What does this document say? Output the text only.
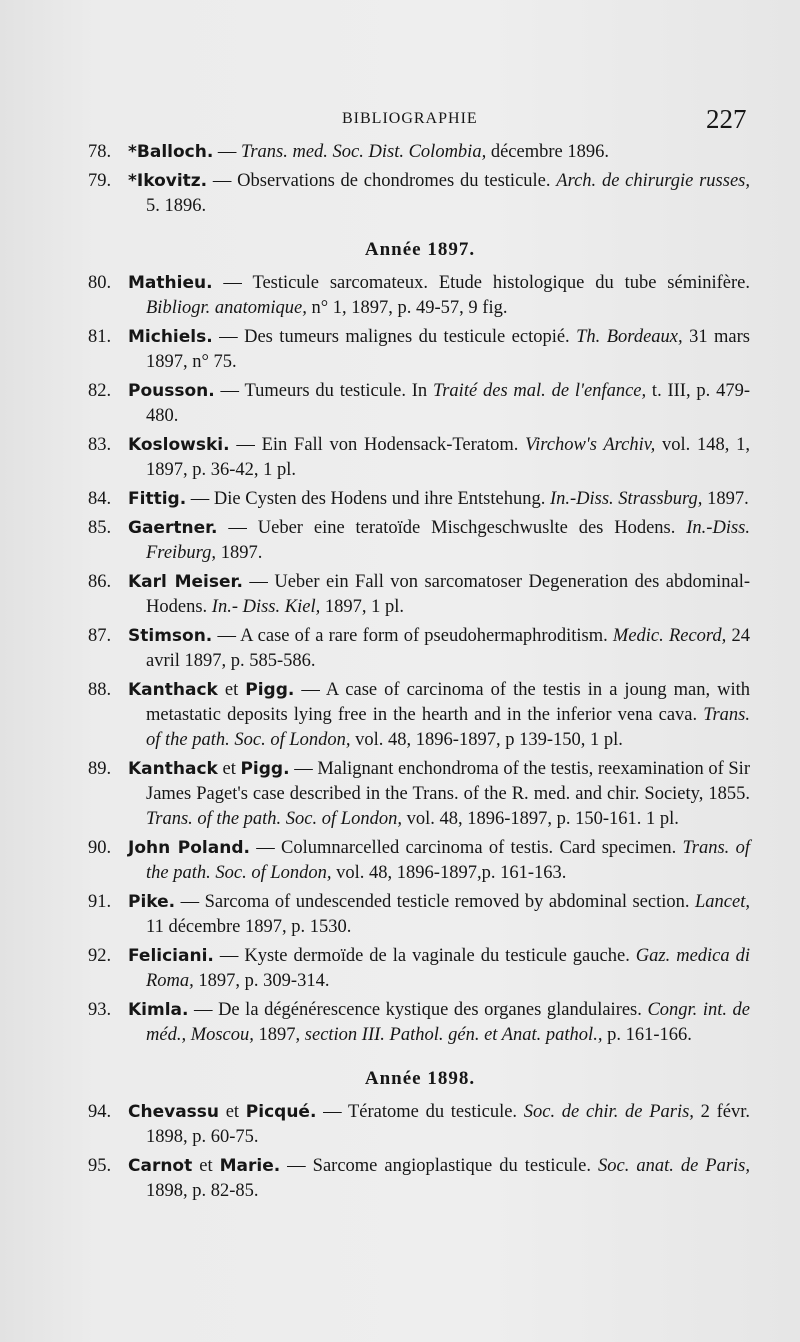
BIBLIOGRAPHIE	227
78. *Balloch. — Trans. med. Soc. Dist. Colombia, décembre 1896.
79. *Ikovitz. — Observations de chondromes du testicule. Arch. de chirurgie russes, 5. 1896.
Année 1897.
80. Mathieu. — Testicule sarcomateux. Etude histologique du tube séminifère. Bibliogr. anatomique, n° 1, 1897, p. 49-57, 9 fig.
81. Michiels. — Des tumeurs malignes du testicule ectopié. Th. Bordeaux, 31 mars 1897, n° 75.
82. Pousson. — Tumeurs du testicule. In Traité des mal. de l'enfance, t. III, p. 479-480.
83. Koslowski. — Ein Fall von Hodensack-Teratom. Virchow's Archiv, vol. 148, 1, 1897, p. 36-42, 1 pl.
84. Fittig. — Die Cysten des Hodens und ihre Entstehung. In.-Diss. Strassburg, 1897.
85. Gaertner. — Ueber eine teratoïde Mischgeschwuslte des Hodens. In.-Diss. Freiburg, 1897.
86. Karl Meiser. — Ueber ein Fall von sarcomatoser Degeneration des abdominal-Hodens. In.- Diss. Kiel, 1897, 1 pl.
87. Stimson. — A case of a rare form of pseudohermaphroditism. Medic. Record, 24 avril 1897, p. 585-586.
88. Kanthack et Pigg. — A case of carcinoma of the testis in a joung man, with metastatic deposits lying free in the hearth and in the inferior vena cava. Trans. of the path. Soc. of London, vol. 48, 1896-1897, p 139-150, 1 pl.
89. Kanthack et Pigg. — Malignant enchondroma of the testis, reexamination of Sir James Paget's case described in the Trans. of the R. med. and chir. Society, 1855. Trans. of the path. Soc. of London, vol. 48, 1896-1897, p. 150-161. 1 pl.
90. John Poland. — Columnarcelled carcinoma of testis. Card specimen. Trans. of the path. Soc. of London, vol. 48, 1896-1897,p. 161-163.
91. Pike. — Sarcoma of undescended testicle removed by abdominal section. Lancet, 11 décembre 1897, p. 1530.
92. Feliciani. — Kyste dermoïde de la vaginale du testicule gauche. Gaz. medica di Roma, 1897, p. 309-314.
93. Kimla. — De la dégénérescence kystique des organes glandulaires. Congr. int. de méd., Moscou, 1897, section III. Pathol. gén. et Anat. pathol., p. 161-166.
Année 1898.
94. Chevassu et Picqué. — Tératome du testicule. Soc. de chir. de Paris, 2 févr. 1898, p. 60-75.
95. Carnot et Marie. — Sarcome angioplastique du testicule. Soc. anat. de Paris, 1898, p. 82-85.
